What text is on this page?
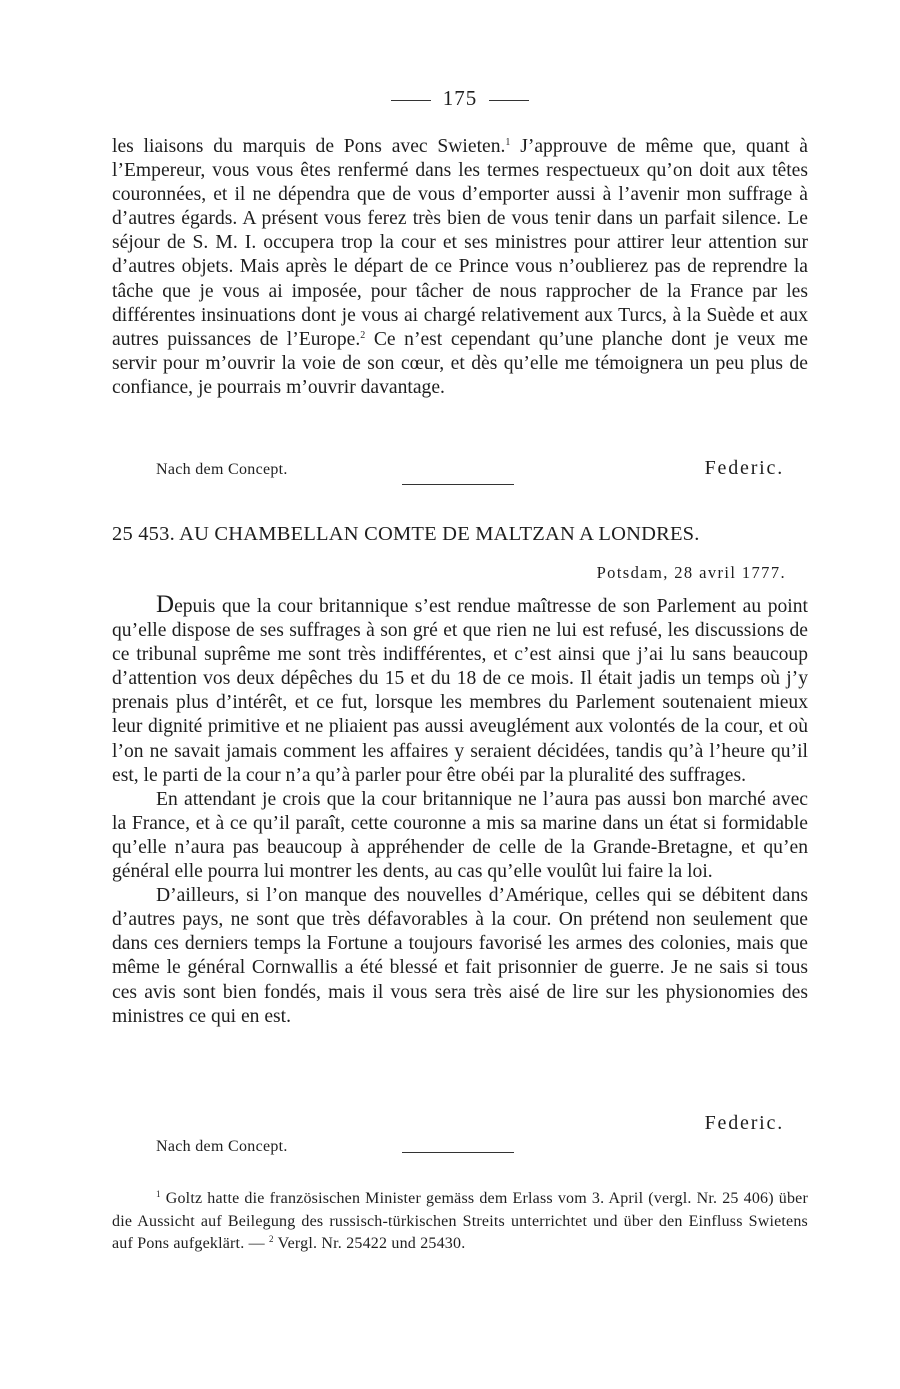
175

les liaisons du marquis de Pons avec Swieten.$^1$ J’approuve de même que, quant à l’Empereur, vous vous êtes renfermé dans les termes respectueux qu’on doit aux têtes couronnées, et il ne dépendra que de vous d’emporter aussi à l’avenir mon suffrage à d’autres égards. A présent vous ferez très bien de vous tenir dans un parfait silence. Le séjour de S. M. I. occupera trop la cour et ses ministres pour attirer leur attention sur d’autres objets. Mais après le départ de ce Prince vous n’oublierez pas de reprendre la tâche que je vous ai imposée, pour tâcher de nous rapprocher de la France par les différentes insinuations dont je vous ai chargé relativement aux Turcs, à la Suède et aux autres puissances de l’Europe.$^2$ Ce n’est cependant qu’une planche dont je veux me servir pour m’ouvrir la voie de son cœur, et dès qu’elle me témoignera un peu plus de confiance, je pourrais m’ouvrir davantage.

Nach dem Concept.	Federic.
25 453. AU CHAMBELLAN COMTE DE MALTZAN A LONDRES.
Potsdam, 28 avril 1777.

Depuis que la cour britannique s’est rendue maîtresse de son Parlement au point qu’elle dispose de ses suffrages à son gré et que rien ne lui est refusé, les discussions de ce tribunal suprême me sont très indifférentes, et c’est ainsi que j’ai lu sans beaucoup d’attention vos deux dépêches du 15 et du 18 de ce mois. Il était jadis un temps où j’y prenais plus d’intérêt, et ce fut, lorsque les membres du Parlement soutenaient mieux leur dignité primitive et ne pliaient pas aussi aveuglément aux volontés de la cour, et où l’on ne savait jamais comment les affaires y seraient décidées, tandis qu’à l’heure qu’il est, le parti de la cour n’a qu’à parler pour être obéi par la pluralité des suffrages.

En attendant je crois que la cour britannique ne l’aura pas aussi bon marché avec la France, et à ce qu’il paraît, cette couronne a mis sa marine dans un état si formidable qu’elle n’aura pas beaucoup à appréhender de celle de la Grande-Bretagne, et qu’en général elle pourra lui montrer les dents, au cas qu’elle voulût lui faire la loi.

D’ailleurs, si l’on manque des nouvelles d’Amérique, celles qui se débitent dans d’autres pays, ne sont que très défavorables à la cour. On prétend non seulement que dans ces derniers temps la Fortune a toujours favorisé les armes des colonies, mais que même le général Cornwallis a été blessé et fait prisonnier de guerre. Je ne sais si tous ces avis sont bien fondés, mais il vous sera très aisé de lire sur les physionomies des ministres ce qui en est.

Federic.
Nach dem Concept.

$^1$ Goltz hatte die französischen Minister gemäss dem Erlass vom 3. April (vergl. Nr. 25 406) über die Aussicht auf Beilegung des russisch-türkischen Streits unterrichtet und über den Einfluss Swietens auf Pons aufgeklärt. — $^2$ Vergl. Nr. 25422 und 25430.
